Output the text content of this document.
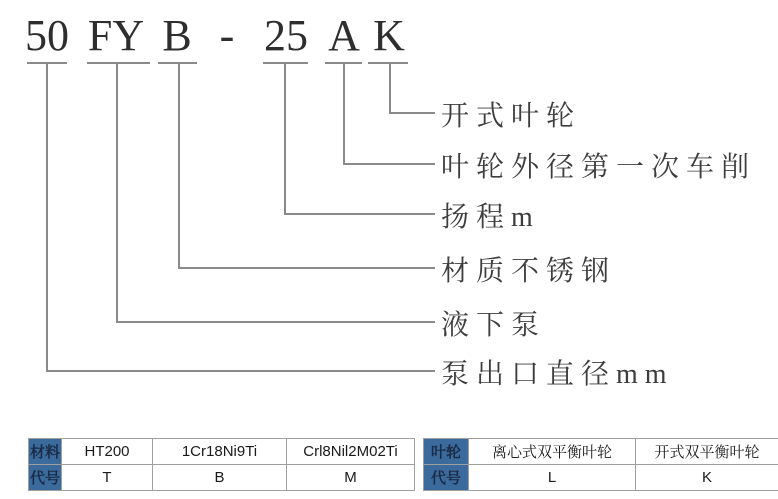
50 FY B - 25 A K
开式叶轮
叶轮外径第一次车削
扬程m
材质不锈钢
液下泵
泵出口直径mm
材料	HT200	1Cr18Ni9Ti	Crl8Nil2M02Ti
代号	T	B	M
叶轮	离心式双平衡叶轮	开式双平衡叶轮
代号	L	K
